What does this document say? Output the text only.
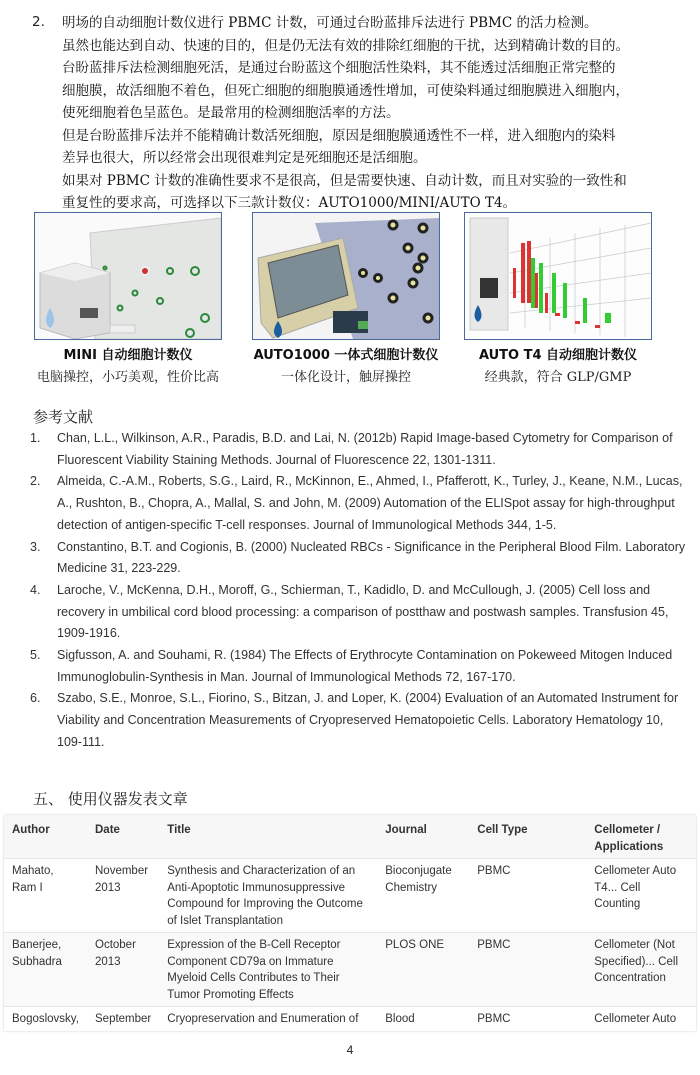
2. 明场的自动细胞计数仪进行 PBMC 计数，可通过台盼蓝排斥法进行 PBMC 的活力检测。

虽然也能达到自动、快速的目的，但是仍无法有效的排除红细胞的干扰，达到精确计数的目的。

台盼蓝排斥法检测细胞死活，是通过台盼蓝这个细胞活性染料，其不能透过活细胞正常完整的

细胞膜，故活细胞不着色，但死亡细胞的细胞膜通透性增加，可使染料通过细胞膜进入细胞内，

使死细胞着色呈蓝色。是最常用的检测细胞活率的方法。

但是台盼蓝排斥法并不能精确计数活死细胞，原因是细胞膜通透性不一样，进入细胞内的染料

差异也很大，所以经常会出现很难判定是死细胞还是活细胞。

如果对 PBMC 计数的准确性要求不是很高，但是需要快速、自动计数，而且对实验的一致性和

重复性的要求高，可选择以下三款计数仪：AUTO1000/MINI/AUTO T4。

MINI 自动细胞计数仪
电脑操控，小巧美观，性价比高
AUTO1000 一体式细胞计数仪
一体化设计，触屏操控
AUTO T4 自动细胞计数仪
经典款，符合 GLP/GMP
参考文献
1.	Chan, L.L., Wilkinson, A.R., Paradis, B.D. and Lai, N. (2012b) Rapid Image-based Cytometry for Comparison of Fluorescent Viability Staining Methods. Journal of Fluorescence 22, 1301-1311.
2.	Almeida, C.-A.M., Roberts, S.G., Laird, R., McKinnon, E., Ahmed, I., Pfafferott, K., Turley, J., Keane, N.M., Lucas, A., Rushton, B., Chopra, A., Mallal, S. and John, M. (2009) Automation of the ELISpot assay for high-throughput detection of antigen-specific T-cell responses. Journal of Immunological Methods 344, 1-5.
3.	Constantino, B.T. and Cogionis, B. (2000) Nucleated RBCs - Significance in the Peripheral Blood Film. Laboratory Medicine 31, 223-229.
4.	Laroche, V., McKenna, D.H., Moroff, G., Schierman, T., Kadidlo, D. and McCullough, J. (2005) Cell loss and recovery in umbilical cord blood processing: a comparison of postthaw and postwash samples. Transfusion 45, 1909-1916.
5.	Sigfusson, A. and Souhami, R. (1984) The Effects of Erythrocyte Contamination on Pokeweed Mitogen Induced Immunoglobulin-Synthesis in Man. Journal of Immunological Methods 72, 167-170.
6.	Szabo, S.E., Monroe, S.L., Fiorino, S., Bitzan, J. and Loper, K. (2004) Evaluation of an Automated Instrument for Viability and Concentration Measurements of Cryopreserved Hematopoietic Cells. Laboratory Hematology 10, 109-111.
五、 使用仪器发表文章
Author	Date	Title	Journal	Cell Type	Cellometer / Applications
Mahato, Ram I	November 2013	Synthesis and Characterization of an Anti-Apoptotic Immunosuppressive Compound for Improving the Outcome of Islet Transplantation	Bioconjugate Chemistry	PBMC	Cellometer Auto T4... Cell Counting
Banerjee, Subhadra	October 2013	Expression of the B-Cell Receptor Component CD79a on Immature Myeloid Cells Contributes to Their Tumor Promoting Effects	PLOS ONE	PBMC	Cellometer (Not Specified)... Cell Concentration
Bogoslovsky,	September	Cryopreservation and Enumeration of	Blood	PBMC	Cellometer Auto
4
